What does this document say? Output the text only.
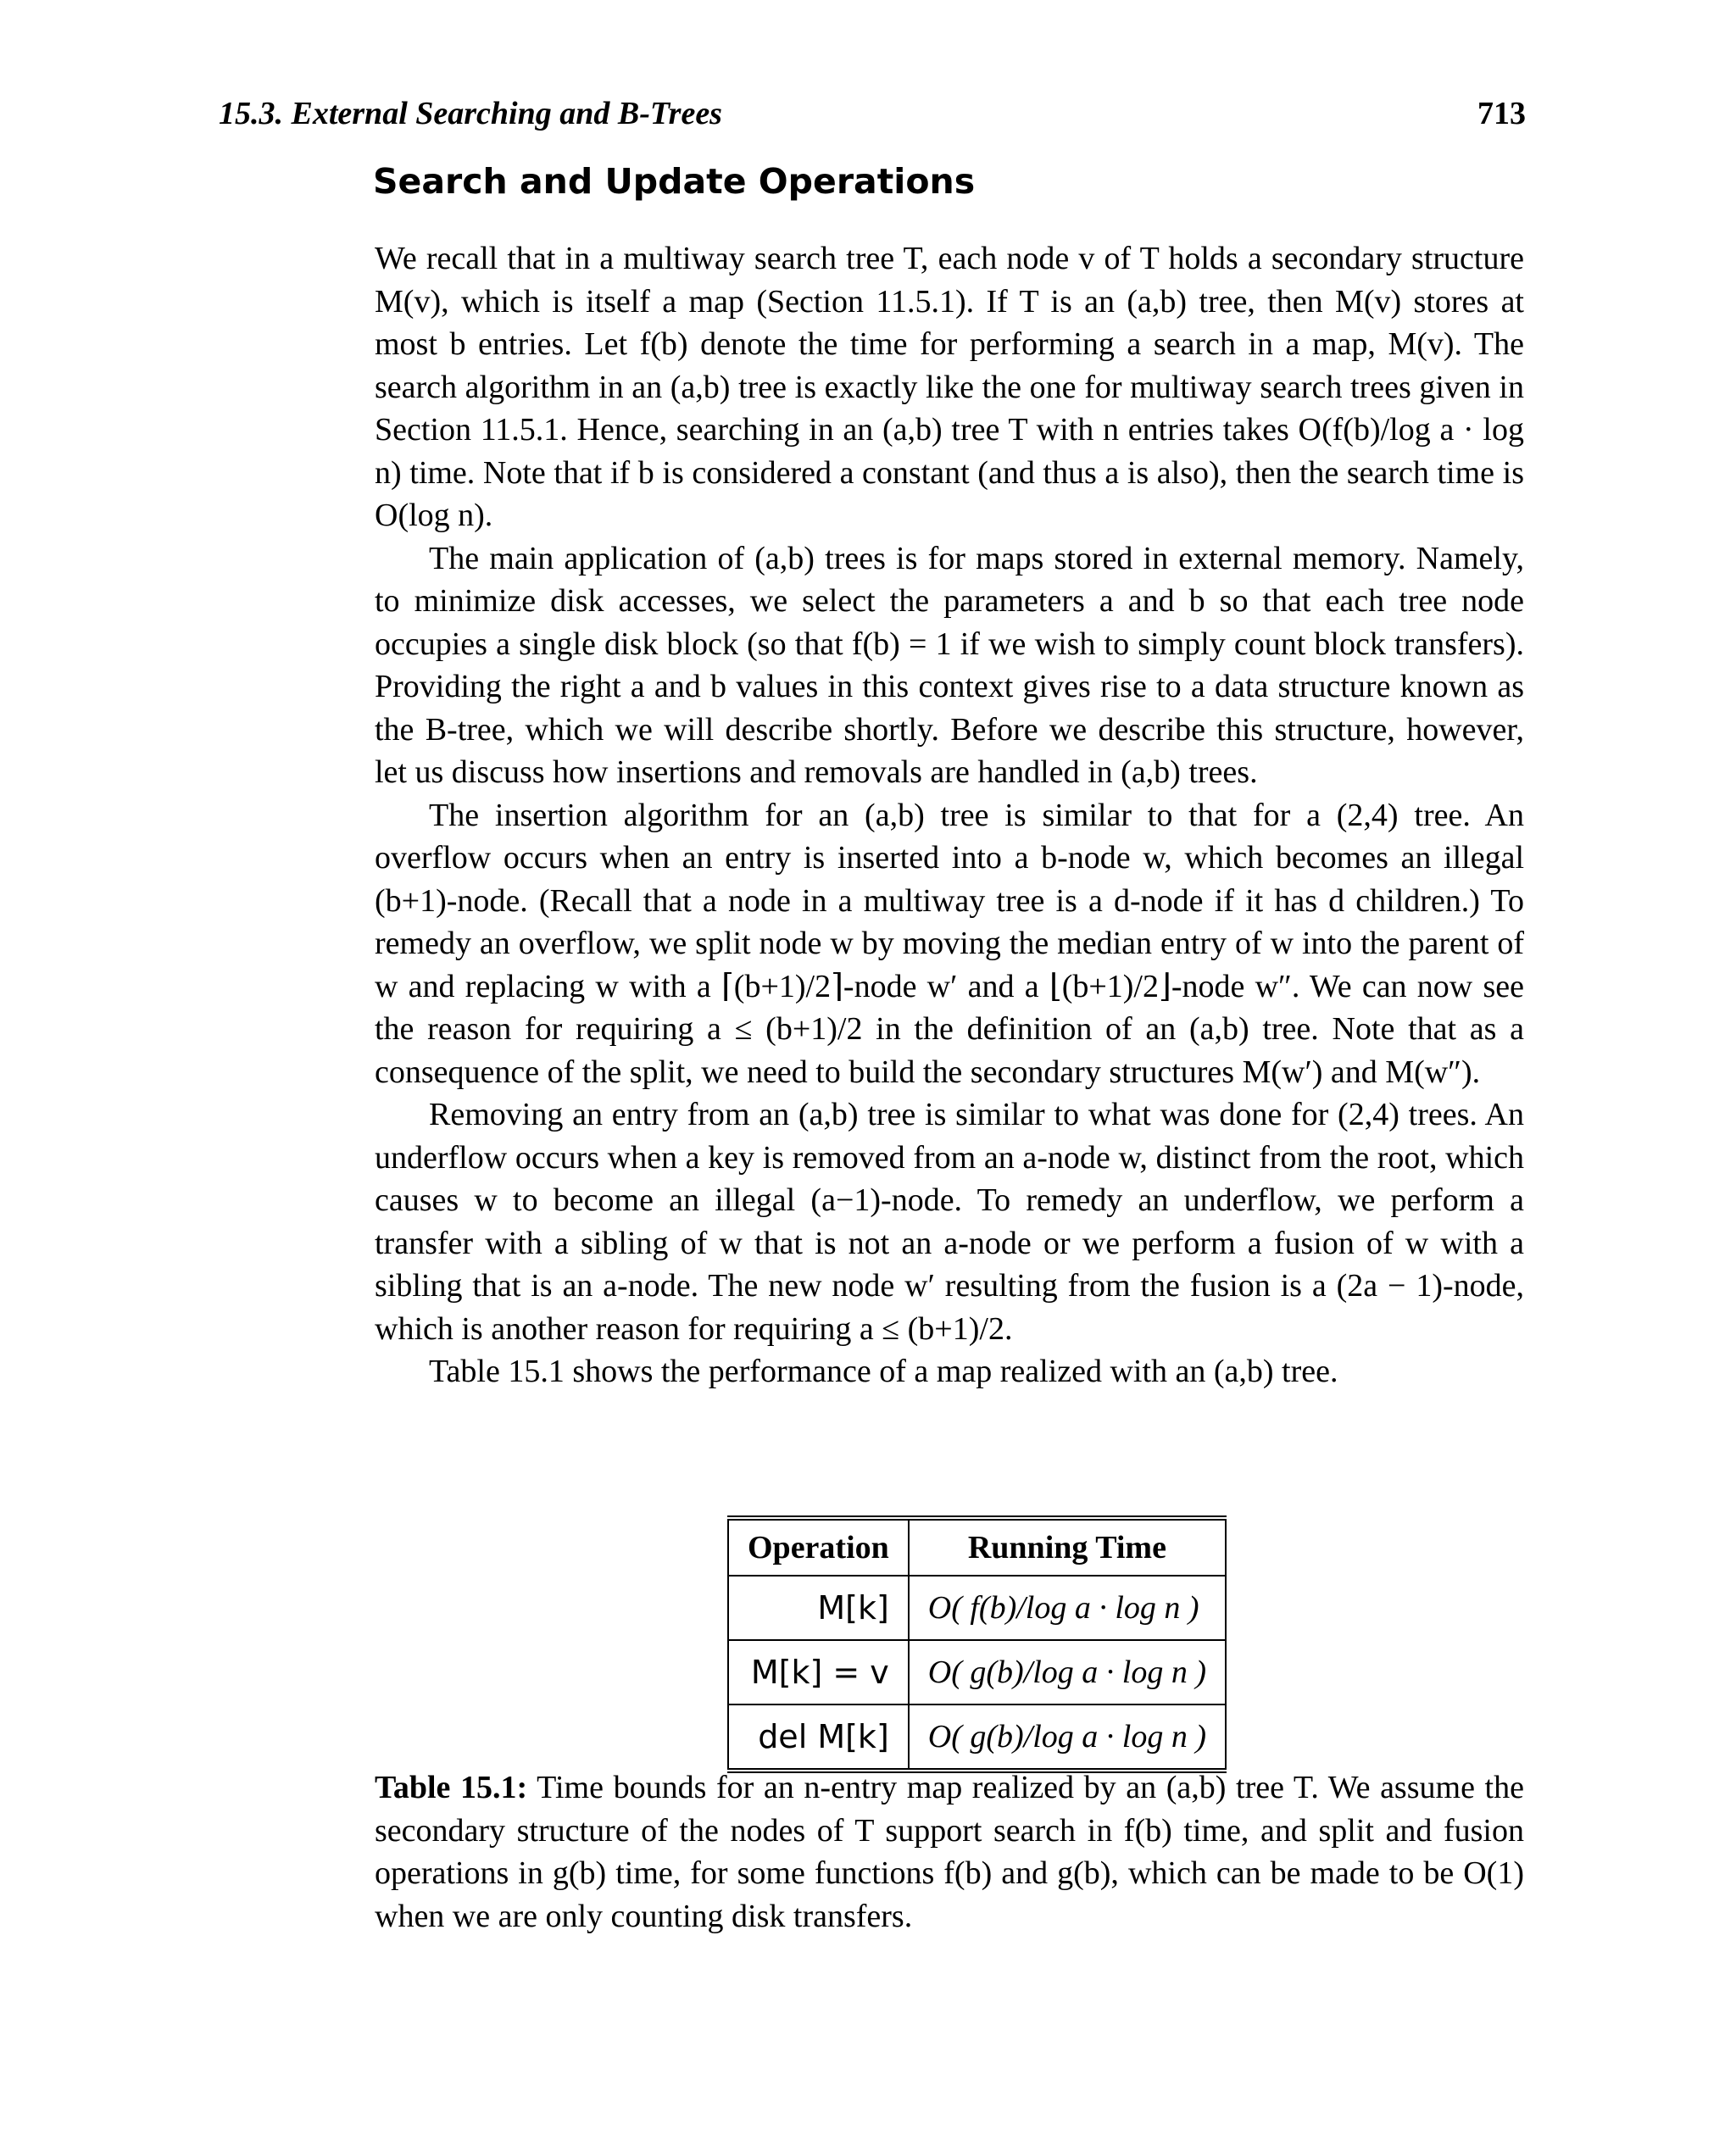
15.3. External Searching and B-Trees	713
Search and Update Operations

We recall that in a multiway search tree T, each node v of T holds a secondary structure M(v), which is itself a map (Section 11.5.1). If T is an (a,b) tree, then M(v) stores at most b entries. Let f(b) denote the time for performing a search in a map, M(v). The search algorithm in an (a,b) tree is exactly like the one for multiway search trees given in Section 11.5.1. Hence, searching in an (a,b) tree T with n entries takes O(f(b)/log a · log n) time. Note that if b is considered a constant (and thus a is also), then the search time is O(log n).

The main application of (a,b) trees is for maps stored in external memory. Namely, to minimize disk accesses, we select the parameters a and b so that each tree node occupies a single disk block (so that f(b) = 1 if we wish to simply count block transfers). Providing the right a and b values in this context gives rise to a data structure known as the B-tree, which we will describe shortly. Before we describe this structure, however, let us discuss how insertions and removals are handled in (a,b) trees.

The insertion algorithm for an (a,b) tree is similar to that for a (2,4) tree. An overflow occurs when an entry is inserted into a b-node w, which becomes an illegal (b+1)-node. (Recall that a node in a multiway tree is a d-node if it has d children.) To remedy an overflow, we split node w by moving the median entry of w into the parent of w and replacing w with a ⌈(b+1)/2⌉-node w′ and a ⌊(b+1)/2⌋-node w″. We can now see the reason for requiring a ≤ (b+1)/2 in the definition of an (a,b) tree. Note that as a consequence of the split, we need to build the secondary structures M(w′) and M(w″).

Removing an entry from an (a,b) tree is similar to what was done for (2,4) trees. An underflow occurs when a key is removed from an a-node w, distinct from the root, which causes w to become an illegal (a−1)-node. To remedy an underflow, we perform a transfer with a sibling of w that is not an a-node or we perform a fusion of w with a sibling that is an a-node. The new node w′ resulting from the fusion is a (2a − 1)-node, which is another reason for requiring a ≤ (b+1)/2.

Table 15.1 shows the performance of a map realized with an (a,b) tree.

Operation	Running Time
M[k]	O( f(b)/log a · log n )
M[k] = v	O( g(b)/log a · log n )
del M[k]	O( g(b)/log a · log n )
Table 15.1: Time bounds for an n-entry map realized by an (a,b) tree T. We assume the secondary structure of the nodes of T support search in f(b) time, and split and fusion operations in g(b) time, for some functions f(b) and g(b), which can be made to be O(1) when we are only counting disk transfers.
